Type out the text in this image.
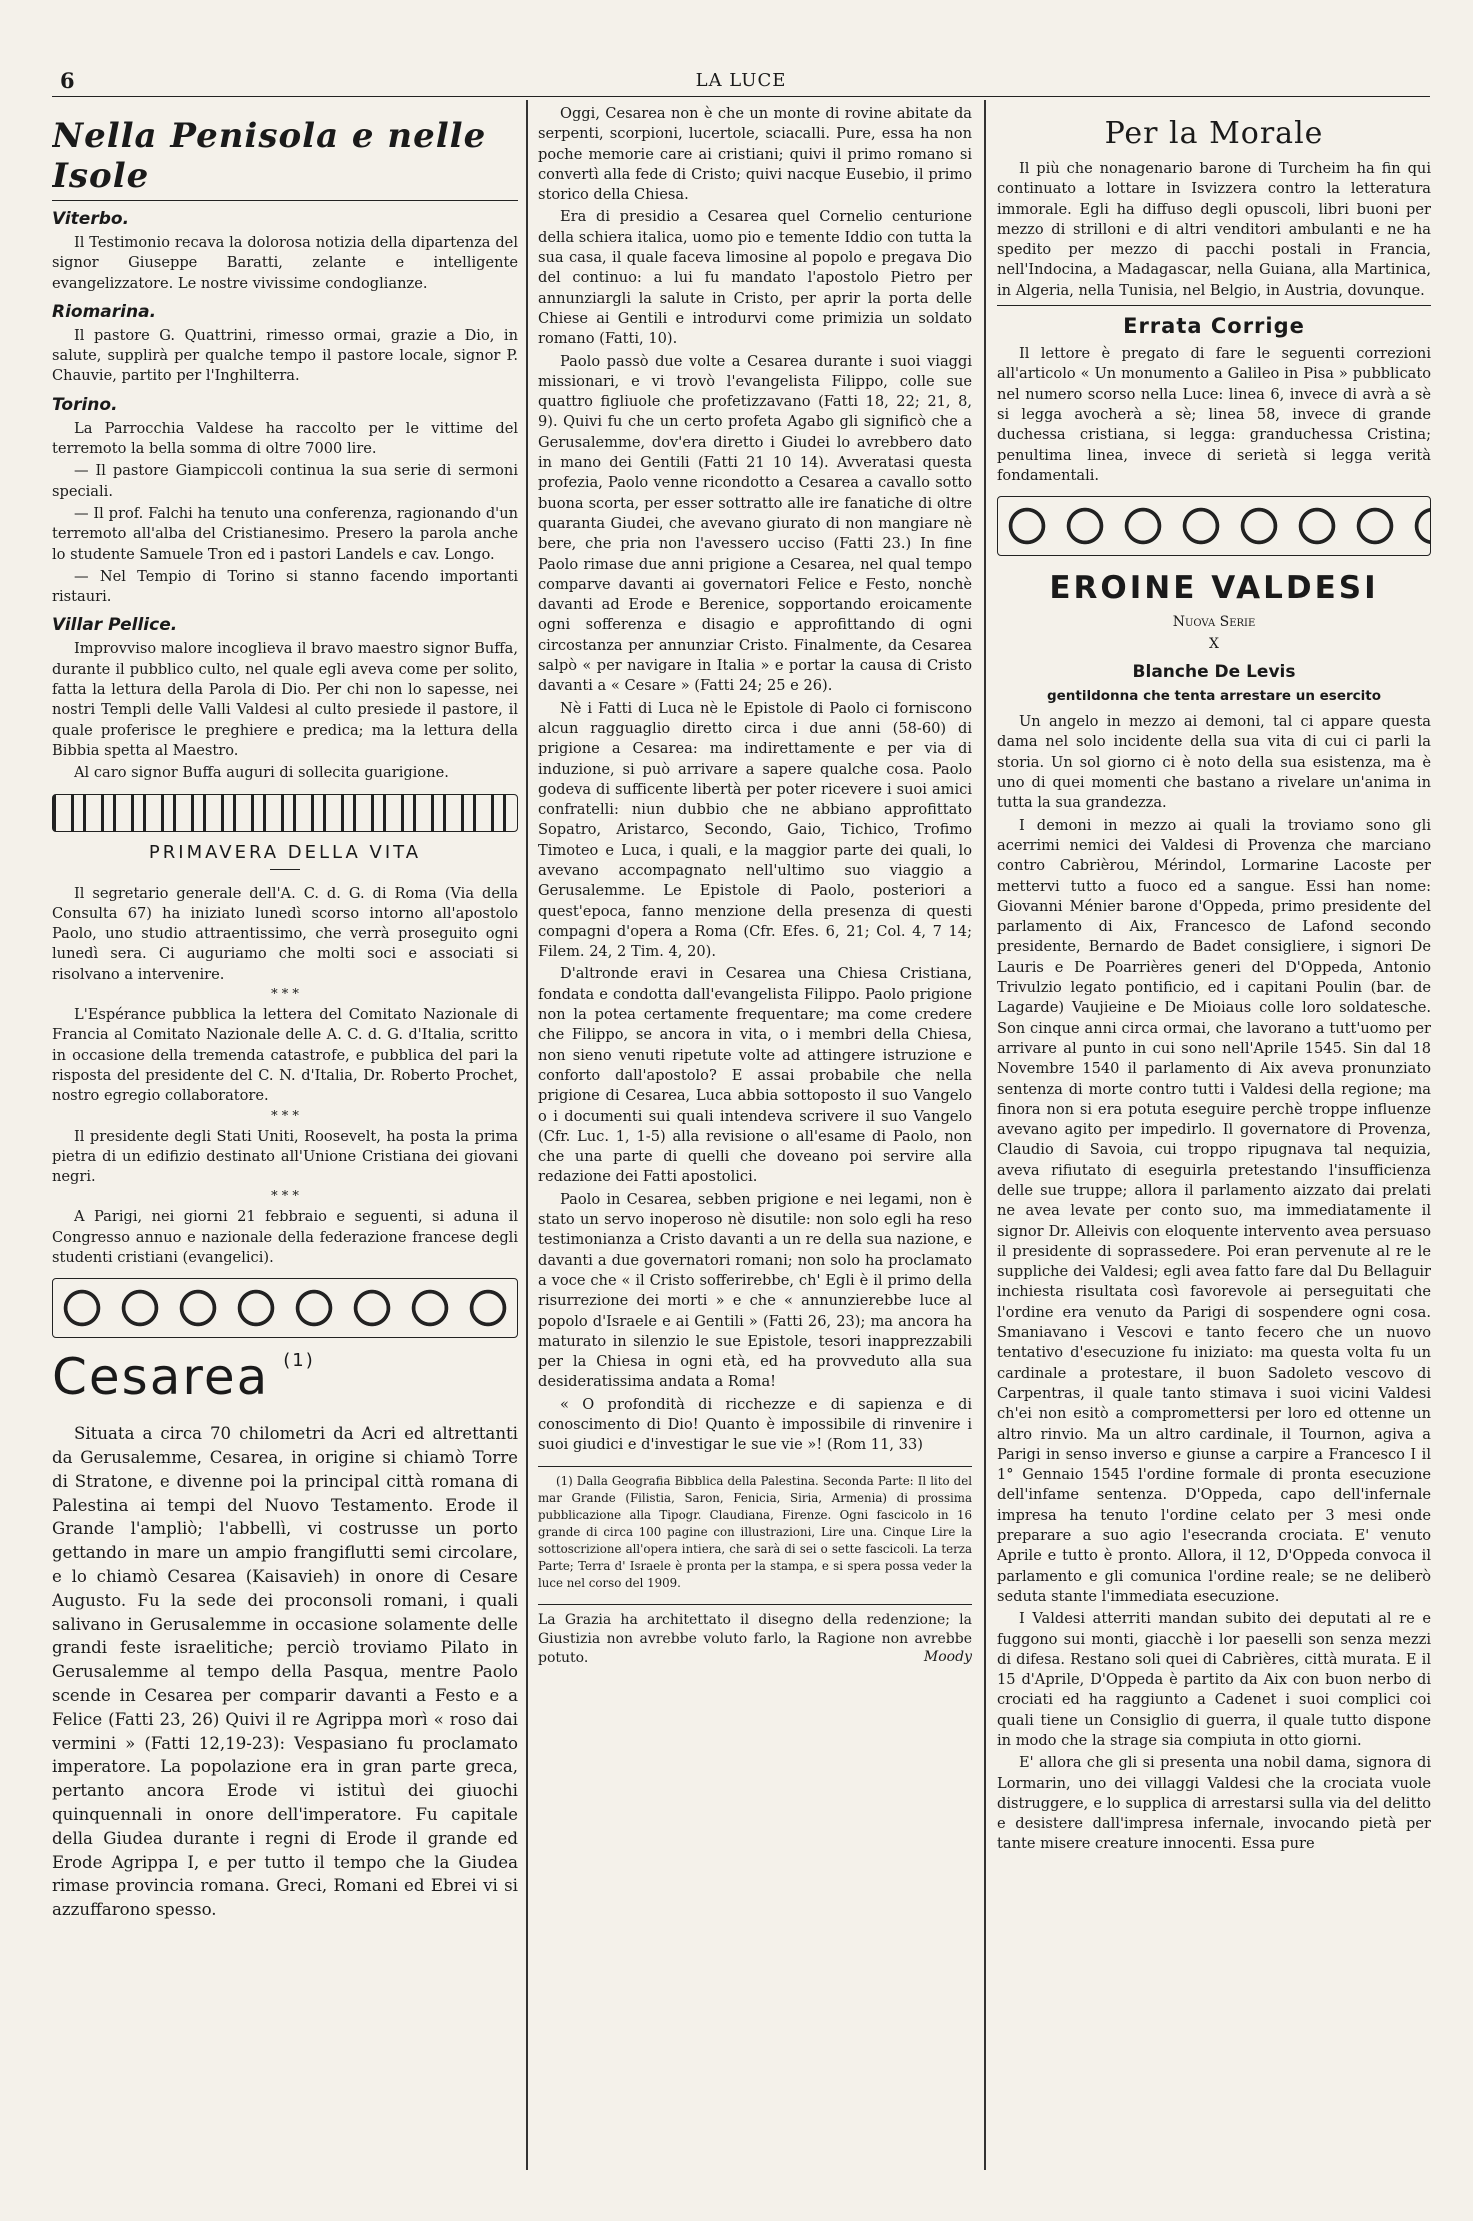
6	LA LUCE
Nella Penisola e nelle Isole
Viterbo.

Il Testimonio recava la dolorosa notizia della dipartenza del signor Giuseppe Baratti, zelante e intelligente evangelizzatore. Le nostre vivissime condoglianze.

Riomarina.

Il pastore G. Quattrini, rimesso ormai, grazie a Dio, in salute, supplirà per qualche tempo il pastore locale, signor P. Chauvie, partito per l'Inghilterra.

Torino.

La Parrocchia Valdese ha raccolto per le vittime del terremoto la bella somma di oltre 7000 lire.

— Il pastore Giampiccoli continua la sua serie di sermoni speciali.

— Il prof. Falchi ha tenuto una conferenza, ragionando d'un terremoto all'alba del Cristianesimo. Presero la parola anche lo studente Samuele Tron ed i pastori Landels e cav. Longo.

— Nel Tempio di Torino si stanno facendo importanti ristauri.

Villar Pellice.

Improvviso malore incoglieva il bravo maestro signor Buffa, durante il pubblico culto, nel quale egli aveva come per solito, fatta la lettura della Parola di Dio. Per chi non lo sapesse, nei nostri Templi delle Valli Valdesi al culto presiede il pastore, il quale proferisce le preghiere e predica; ma la lettura della Bibbia spetta al Maestro.

Al caro signor Buffa auguri di sollecita guarigione.

PRIMAVERA DELLA VITA

Il segretario generale dell'A. C. d. G. di Roma (Via della Consulta 67) ha iniziato lunedì scorso intorno all'apostolo Paolo, uno studio attraentissimo, che verrà proseguito ogni lunedì sera. Ci auguriamo che molti soci e associati si risolvano a intervenire.

* * *

L'Espérance pubblica la lettera del Comitato Nazionale di Francia al Comitato Nazionale delle A. C. d. G. d'Italia, scritto in occasione della tremenda catastrofe, e pubblica del pari la risposta del presidente del C. N. d'Italia, Dr. Roberto Prochet, nostro egregio collaboratore.

* * *

Il presidente degli Stati Uniti, Roosevelt, ha posta la prima pietra di un edifizio destinato all'Unione Cristiana dei giovani negri.

* * *

A Parigi, nei giorni 21 febbraio e seguenti, si aduna il Congresso annuo e nazionale della federazione francese degli studenti cristiani (evangelici).

Cesarea $^{(1)}$

Situata a circa 70 chilometri da Acri ed altrettanti da Gerusalemme, Cesarea, in origine si chiamò Torre di Stratone, e divenne poi la principal città romana di Palestina ai tempi del Nuovo Testamento. Erode il Grande l'ampliò; l'abbellì, vi costrusse un porto gettando in mare un ampio frangiflutti semi circolare, e lo chiamò Cesarea (Kaisavieh) in onore di Cesare Augusto. Fu la sede dei proconsoli romani, i quali salivano in Gerusalemme in occasione solamente delle grandi feste israelitiche; perciò troviamo Pilato in Gerusalemme al tempo della Pasqua, mentre Paolo scende in Cesarea per comparir davanti a Festo e a Felice (Fatti 23, 26) Quivi il re Agrippa morì « roso dai vermini » (Fatti 12,19-23): Vespasiano fu proclamato imperatore. La popolazione era in gran parte greca, pertanto ancora Erode vi istituì dei giuochi quinquennali in onore dell'imperatore. Fu capitale della Giudea durante i regni di Erode il grande ed Erode Agrippa I, e per tutto il tempo che la Giudea rimase provincia romana. Greci, Romani ed Ebrei vi si azzuffarono spesso.

Oggi, Cesarea non è che un monte di rovine abitate da serpenti, scorpioni, lucertole, sciacalli. Pure, essa ha non poche memorie care ai cristiani; quivi il primo romano si convertì alla fede di Cristo; quivi nacque Eusebio, il primo storico della Chiesa.

Era di presidio a Cesarea quel Cornelio centurione della schiera italica, uomo pio e temente Iddio con tutta la sua casa, il quale faceva limosine al popolo e pregava Dio del continuo: a lui fu mandato l'apostolo Pietro per annunziargli la salute in Cristo, per aprir la porta delle Chiese ai Gentili e introdurvi come primizia un soldato romano (Fatti, 10).

Paolo passò due volte a Cesarea durante i suoi viaggi missionari, e vi trovò l'evangelista Filippo, colle sue quattro figliuole che profetizzavano (Fatti 18, 22; 21, 8, 9). Quivi fu che un certo profeta Agabo gli significò che a Gerusalemme, dov'era diretto i Giudei lo avrebbero dato in mano dei Gentili (Fatti 21 10 14). Avveratasi questa profezia, Paolo venne ricondotto a Cesarea a cavallo sotto buona scorta, per esser sottratto alle ire fanatiche di oltre quaranta Giudei, che avevano giurato di non mangiare nè bere, che pria non l'avessero ucciso (Fatti 23.) In fine Paolo rimase due anni prigione a Cesarea, nel qual tempo comparve davanti ai governatori Felice e Festo, nonchè davanti ad Erode e Berenice, sopportando eroicamente ogni sofferenza e disagio e approfittando di ogni circostanza per annunziar Cristo. Finalmente, da Cesarea salpò « per navigare in Italia » e portar la causa di Cristo davanti a « Cesare » (Fatti 24; 25 e 26).

Nè i Fatti di Luca nè le Epistole di Paolo ci forniscono alcun ragguaglio diretto circa i due anni (58-60) di prigione a Cesarea: ma indirettamente e per via di induzione, si può arrivare a sapere qualche cosa. Paolo godeva di sufficente libertà per poter ricevere i suoi amici confratelli: niun dubbio che ne abbiano approfittato Sopatro, Aristarco, Secondo, Gaio, Tichico, Trofimo Timoteo e Luca, i quali, e la maggior parte dei quali, lo avevano accompagnato nell'ultimo suo viaggio a Gerusalemme. Le Epistole di Paolo, posteriori a quest'epoca, fanno menzione della presenza di questi compagni d'opera a Roma (Cfr. Efes. 6, 21; Col. 4, 7 14; Filem. 24, 2 Tim. 4, 20).

D'altronde eravi in Cesarea una Chiesa Cristiana, fondata e condotta dall'evangelista Filippo. Paolo prigione non la potea certamente frequentare; ma come credere che Filippo, se ancora in vita, o i membri della Chiesa, non sieno venuti ripetute volte ad attingere istruzione e conforto dall'apostolo? E assai probabile che nella prigione di Cesarea, Luca abbia sottoposto il suo Vangelo o i documenti sui quali intendeva scrivere il suo Vangelo (Cfr. Luc. 1, 1-5) alla revisione o all'esame di Paolo, non che una parte di quelli che doveano poi servire alla redazione dei Fatti apostolici.

Paolo in Cesarea, sebben prigione e nei legami, non è stato un servo inoperoso nè disutile: non solo egli ha reso testimonianza a Cristo davanti a un re della sua nazione, e davanti a due governatori romani; non solo ha proclamato a voce che « il Cristo sofferirebbe, ch' Egli è il primo della risurrezione dei morti » e che « annunzierebbe luce al popolo d'Israele e ai Gentili » (Fatti 26, 23); ma ancora ha maturato in silenzio le sue Epistole, tesori inapprezzabili per la Chiesa in ogni età, ed ha provveduto alla sua desideratissima andata a Roma!

« O profondità di ricchezze e di sapienza e di conoscimento di Dio! Quanto è impossibile di rinvenire i suoi giudici e d'investigar le sue vie »! (Rom 11, 33)

(1) Dalla Geografia Bibblica della Palestina. Seconda Parte: Il lito del mar Grande (Filistia, Saron, Fenicia, Siria, Armenia) di prossima pubblicazione alla Tipogr. Claudiana, Firenze. Ogni fascicolo in 16 grande di circa 100 pagine con illustrazioni, Lire una. Cinque Lire la sottoscrizione all'opera intiera, che sarà di sei o sette fascicoli. La terza Parte; Terra d' Israele è pronta per la stampa, e si spera possa veder la luce nel corso del 1909.

La Grazia ha architettato il disegno della redenzione; la Giustizia non avrebbe voluto farlo, la Ragione non avrebbe potuto.	Moody
Per la Morale

Il più che nonagenario barone di Turcheim ha fin qui continuato a lottare in Isvizzera contro la letteratura immorale. Egli ha diffuso degli opuscoli, libri buoni per mezzo di strilloni e di altri venditori ambulanti e ne ha spedito per mezzo di pacchi postali in Francia, nell'Indocina, a Madagascar, nella Guiana, alla Martinica, in Algeria, nella Tunisia, nel Belgio, in Austria, dovunque.

Errata Corrige

Il lettore è pregato di fare le seguenti correzioni all'articolo « Un monumento a Galileo in Pisa » pubblicato nel numero scorso nella Luce: linea 6, invece di avrà a sè si legga avocherà a sè; linea 58, invece di grande duchessa cristiana, si legga: granduchessa Cristina; penultima linea, invece di serietà si legga verità fondamentali.

EROINE VALDESI
Nuova Serie
X
Blanche De Levis
gentildonna che tenta arrestare un esercito

Un angelo in mezzo ai demoni, tal ci appare questa dama nel solo incidente della sua vita di cui ci parli la storia. Un sol giorno ci è noto della sua esistenza, ma è uno di quei momenti che bastano a rivelare un'anima in tutta la sua grandezza.

I demoni in mezzo ai quali la troviamo sono gli acerrimi nemici dei Valdesi di Provenza che marciano contro Cabrièrou, Mérindol, Lormarine Lacoste per mettervi tutto a fuoco ed a sangue. Essi han nome: Giovanni Ménier barone d'Oppeda, primo presidente del parlamento di Aix, Francesco de Lafond secondo presidente, Bernardo de Badet consigliere, i signori De Lauris e De Poarrières generi del D'Oppeda, Antonio Trivulzio legato pontificio, ed i capitani Poulin (bar. de Lagarde) Vaujieine e De Mioiaus colle loro soldatesche. Son cinque anni circa ormai, che lavorano a tutt'uomo per arrivare al punto in cui sono nell'Aprile 1545. Sin dal 18 Novembre 1540 il parlamento di Aix aveva pronunziato sentenza di morte contro tutti i Valdesi della regione; ma finora non si era potuta eseguire perchè troppe influenze avevano agito per impedirlo. Il governatore di Provenza, Claudio di Savoia, cui troppo ripugnava tal nequizia, aveva rifiutato di eseguirla pretestando l'insufficienza delle sue truppe; allora il parlamento aizzato dai prelati ne avea levate per conto suo, ma immediatamente il signor Dr. Alleivis con eloquente intervento avea persuaso il presidente di soprassedere. Poi eran pervenute al re le suppliche dei Valdesi; egli avea fatto fare dal Du Bellaguir inchiesta risultata così favorevole ai perseguitati che l'ordine era venuto da Parigi di sospendere ogni cosa. Smaniavano i Vescovi e tanto fecero che un nuovo tentativo d'esecuzione fu iniziato: ma questa volta fu un cardinale a protestare, il buon Sadoleto vescovo di Carpentras, il quale tanto stimava i suoi vicini Valdesi ch'ei non esitò a compromettersi per loro ed ottenne un altro rinvio. Ma un altro cardinale, il Tournon, agiva a Parigi in senso inverso e giunse a carpire a Francesco I il 1° Gennaio 1545 l'ordine formale di pronta esecuzione dell'infame sentenza. D'Oppeda, capo dell'infernale impresa ha tenuto l'ordine celato per 3 mesi onde preparare a suo agio l'esecranda crociata. E' venuto Aprile e tutto è pronto. Allora, il 12, D'Oppeda convoca il parlamento e gli comunica l'ordine reale; se ne deliberò seduta stante l'immediata esecuzione.

I Valdesi atterriti mandan subito dei deputati al re e fuggono sui monti, giacchè i lor paeselli son senza mezzi di difesa. Restano soli quei di Cabrières, città murata. E il 15 d'Aprile, D'Oppeda è partito da Aix con buon nerbo di crociati ed ha raggiunto a Cadenet i suoi complici coi quali tiene un Consiglio di guerra, il quale tutto dispone in modo che la strage sia compiuta in otto giorni.

E' allora che gli si presenta una nobil dama, signora di Lormarin, uno dei villaggi Valdesi che la crociata vuole distruggere, e lo supplica di arrestarsi sulla via del delitto e desistere dall'impresa infernale, invocando pietà per tante misere creature innocenti. Essa pure
